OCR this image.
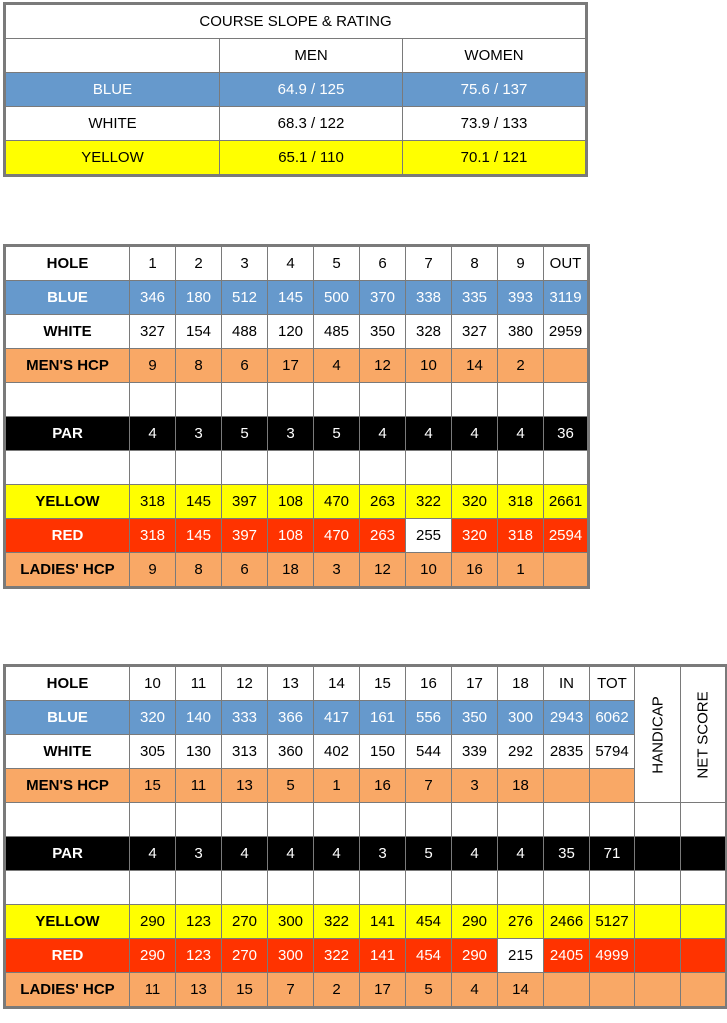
COURSE SLOPE & RATING		
	MEN	WOMEN
BLUE	64.9 / 125	75.6 / 137
WHITE	68.3 / 122	73.9 / 133
YELLOW	65.1 / 110	70.1 / 121
HOLE	1	2	3	4	5	6	7	8	9	OUT
BLUE	346	180	512	145	500	370	338	335	393	3119
WHITE	327	154	488	120	485	350	328	327	380	2959
MEN'S HCP	9	8	6	17	4	12	10	14	2	

PAR	4	3	5	3	5	4	4	4	4	36

YELLOW	318	145	397	108	470	263	322	320	318	2661
RED	318	145	397	108	470	263	255	320	318	2594
LADIES' HCP	9	8	6	18	3	12	10	16	1	
HOLE	10	11	12	13	14	15	16	17	18	IN	TOT	HANDICAP	NET SCORE

BLUE	320	140	333	366	417	161	556	350	300	2943	6062		
WHITE	305	130	313	360	402	150	544	339	292	2835	5794		
MEN'S HCP	15	11	13	5	1	16	7	3	18				

PAR	4	3	4	4	4	3	5	4	4	35	71		

YELLOW	290	123	270	300	322	141	454	290	276	2466	5127		
RED	290	123	270	300	322	141	454	290	215	2405	4999		
LADIES' HCP	11	13	15	7	2	17	5	4	14				
